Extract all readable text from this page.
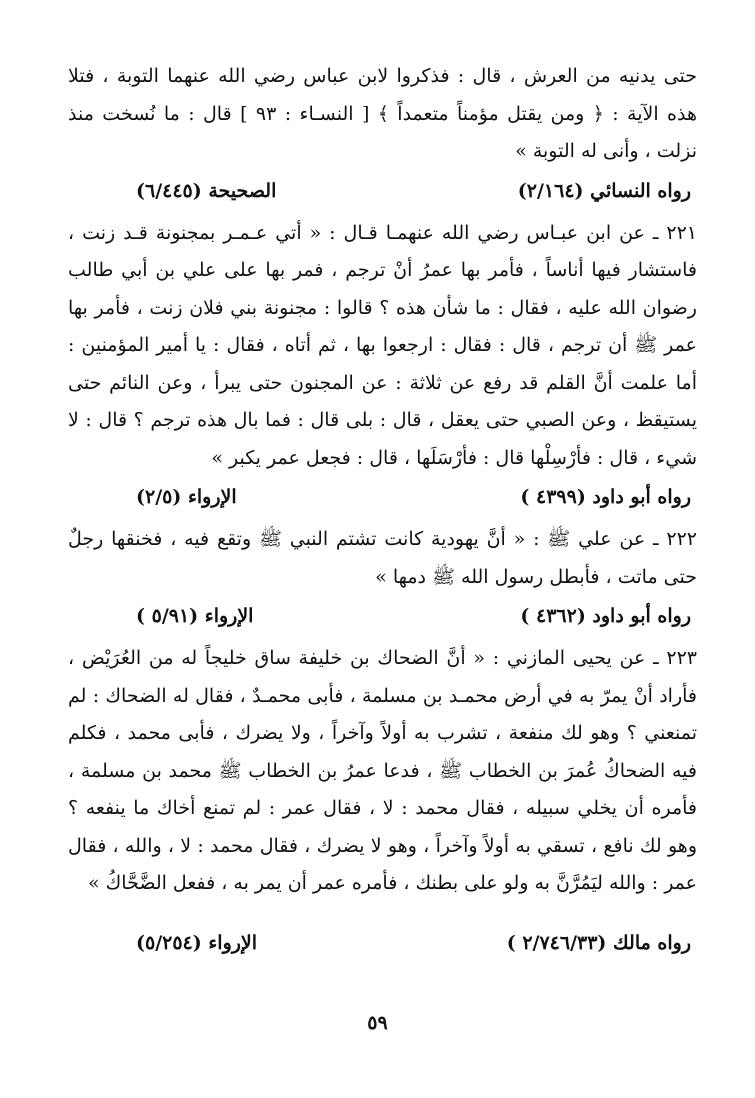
حتى يدنيه من العرش ، قال : فذكروا لابن عباس رضي الله عنهما التوبة ، فتلا هذه الآية : ﴿ ومن يقتل مؤمناً متعمداً ﴾ [ النسـاء : ٩٣ ] قال : ما نُسخت منذ نزلت ، وأنى له التوبة »

رواه النسائي (٢/١٦٤)
الصحيحة (٦/٤٤٥)

٢٢١ ـ عن ابن عبـاس رضي الله عنهمـا قـال : « أتي عـمـر بمجنونة قـد زنت ، فاستشار فيها أناساً ، فأمر بها عمرُ أنْ ترجم ، فمر بها على علي بن أبي طالب رضوان الله عليه ، فقال : ما شأن هذه ؟ قالوا : مجنونة بني فلان زنت ، فأمر بها عمر ﷺ أن ترجم ، قال : فقال : ارجعوا بها ، ثم أتاه ، فقال : يا أمير المؤمنين : أما علمت أنَّ القلم قد رفع عن ثلاثة : عن المجنون حتى يبرأ ، وعن النائم حتى يستيقظ ، وعن الصبي حتى يعقل ، قال : بلى قال : فما بال هذه ترجم ؟ قال : لا شيء ، قال : فأرْسِلْها قال : فأرْسَلَها ، قال : فجعل عمر يكبر »

رواه أبو داود (٤٣٩٩ )
الإرواء (٢/٥)

٢٢٢ ـ عن علي ﷺ : « أنَّ يهودية كانت تشتم النبي ﷺ وتقع فيه ، فخنقها رجلٌ حتى ماتت ، فأبطل رسول الله ﷺ دمها »

رواه أبو داود (٤٣٦٢ )
الإرواء (٥/٩١ )

٢٢٣ ـ عن يحيى المازني : « أنَّ الضحاك بن خليفة ساق خليجاً له من العُرَيْض ، فأراد أنْ يمرّ به في أرض محمـد بن مسلمة ، فأبى محمـدٌ ، فقال له الضحاك : لم تمنعني ؟ وهو لك منفعة ، تشرب به أولاً وآخراً ، ولا يضرك ، فأبى محمد ، فكلم فيه الضحاكُ عُمرَ بن الخطاب ﷺ ، فدعا عمرُ بن الخطاب ﷺ محمد بن مسلمة ، فأمره أن يخلي سبيله ، فقال محمد : لا ، فقال عمر : لم تمنع أخاك ما ينفعه ؟ وهو لك نافع ، تسقي به أولاً وآخراً ، وهو لا يضرك ، فقال محمد : لا ، والله ، فقال عمر : والله ليَمُرَّنَّ به ولو على بطنك ، فأمره عمر أن يمر به ، ففعل الضَّحَّاكُ »

رواه مالك (٢/٧٤٦/٣٣ )
الإرواء (٥/٢٥٤)
٥٩
